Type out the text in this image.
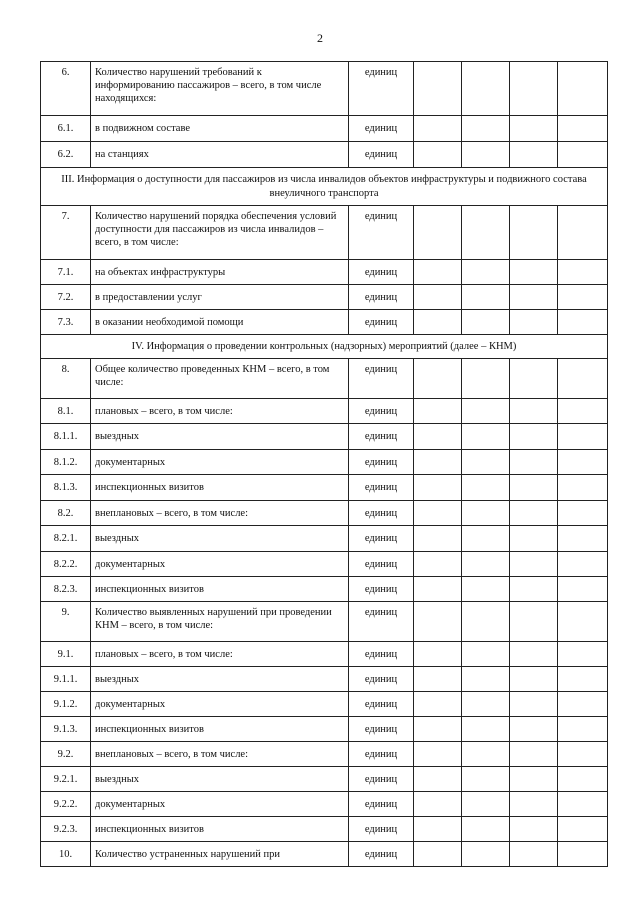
2
6.	Количество нарушений требований к информированию пассажиров – всего, в том числе находящихся:	единиц				
6.1.	в подвижном составе	единиц				
6.2.	на станциях	единиц				
III. Информация о доступности для пассажиров из числа инвалидов объектов инфраструктуры и подвижного состава внеуличного транспорта						
7.	Количество нарушений порядка обеспечения условий доступности для пассажиров из числа инвалидов – всего, в том числе:	единиц				
7.1.	на объектах инфраструктуры	единиц				
7.2.	в предоставлении услуг	единиц				
7.3.	в оказании необходимой помощи	единиц				
IV. Информация о проведении контрольных (надзорных) мероприятий (далее – КНМ)						
8.	Общее количество проведенных КНМ – всего, в том числе:	единиц				
8.1.	плановых – всего, в том числе:	единиц				
8.1.1.	выездных	единиц				
8.1.2.	документарных	единиц				
8.1.3.	инспекционных визитов	единиц				
8.2.	внеплановых – всего, в том числе:	единиц				
8.2.1.	выездных	единиц				
8.2.2.	документарных	единиц				
8.2.3.	инспекционных визитов	единиц				
9.	Количество выявленных нарушений при проведении КНМ – всего, в том числе:	единиц				
9.1.	плановых – всего, в том числе:	единиц				
9.1.1.	выездных	единиц				
9.1.2.	документарных	единиц				
9.1.3.	инспекционных визитов	единиц				
9.2.	внеплановых – всего, в том числе:	единиц				
9.2.1.	выездных	единиц				
9.2.2.	документарных	единиц				
9.2.3.	инспекционных визитов	единиц				
10.	Количество устраненных нарушений при	единиц				
